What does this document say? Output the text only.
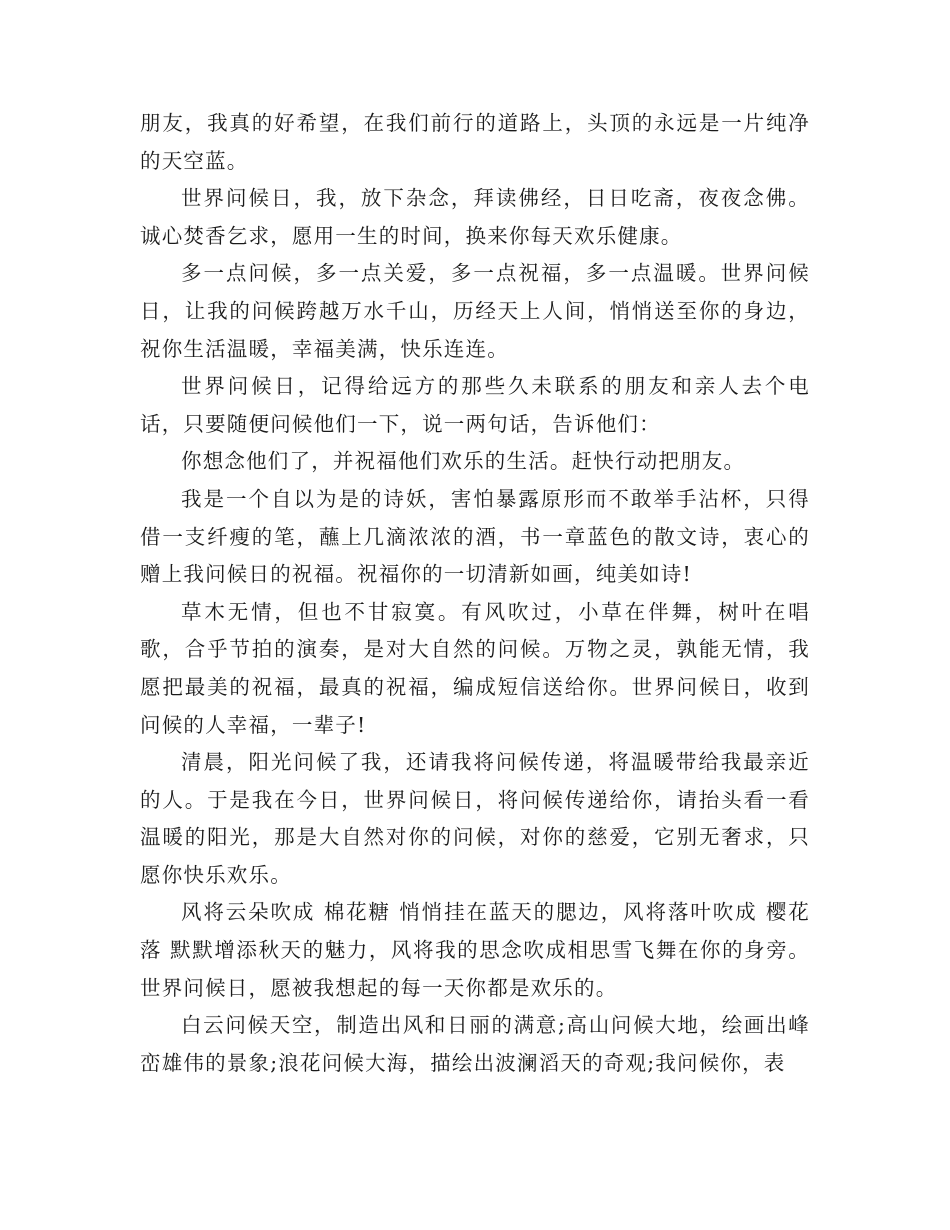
朋友，我真的好希望，在我们前行的道路上，头顶的永远是一片纯净的天空蓝。

世界问候日，我，放下杂念，拜读佛经，日日吃斋，夜夜念佛。诚心焚香乞求，愿用一生的时间，换来你每天欢乐健康。

多一点问候，多一点关爱，多一点祝福，多一点温暖。世界问候日，让我的问候跨越万水千山，历经天上人间，悄悄送至你的身边，祝你生活温暖，幸福美满，快乐连连。

世界问候日，记得给远方的那些久未联系的朋友和亲人去个电话，只要随便问候他们一下，说一两句话，告诉他们：

你想念他们了，并祝福他们欢乐的生活。赶快行动把朋友。

我是一个自以为是的诗妖，害怕暴露原形而不敢举手沾杯，只得借一支纤瘦的笔，蘸上几滴浓浓的酒，书一章蓝色的散文诗，衷心的赠上我问候日的祝福。祝福你的一切清新如画，纯美如诗!

草木无情，但也不甘寂寞。有风吹过，小草在伴舞，树叶在唱歌，合乎节拍的演奏，是对大自然的问候。万物之灵，孰能无情，我愿把最美的祝福，最真的祝福，编成短信送给你。世界问候日，收到问候的人幸福，一辈子!

清晨，阳光问候了我，还请我将问候传递，将温暖带给我最亲近的人。于是我在今日，世界问候日，将问候传递给你，请抬头看一看温暖的阳光，那是大自然对你的问候，对你的慈爱，它别无奢求，只愿你快乐欢乐。

风将云朵吹成 棉花糖 悄悄挂在蓝天的腮边，风将落叶吹成 樱花落 默默增添秋天的魅力，风将我的思念吹成相思雪飞舞在你的身旁。世界问候日，愿被我想起的每一天你都是欢乐的。

白云问候天空，制造出风和日丽的满意;高山问候大地，绘画出峰峦雄伟的景象;浪花问候大海，描绘出波澜滔天的奇观;我问候你，表
